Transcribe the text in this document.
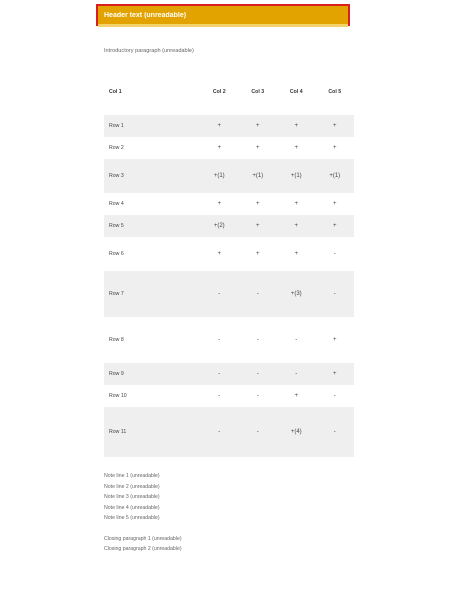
Header text (unreadable)

Introductory paragraph (unreadable)

Col 1	Col 2	Col 3	Col 4	Col 5
Row 1	+	+	+	+
Row 2	+	+	+	+
Row 3	+(1)	+(1)	+(1)	+(1)
Row 4	+	+	+	+
Row 5	+(2)	+	+	+
Row 6	+	+	+	-
Row 7	-	-	+(3)	-
Row 8	-	-	-	+
Row 9	-	-	-	+
Row 10	-	-	+	-
Row 11	-	-	+(4)	-

Note line 1 (unreadable)

Note line 2 (unreadable)

Note line 3 (unreadable)

Note line 4 (unreadable)

Note line 5 (unreadable)

Closing paragraph 1 (unreadable)

Closing paragraph 2 (unreadable)
